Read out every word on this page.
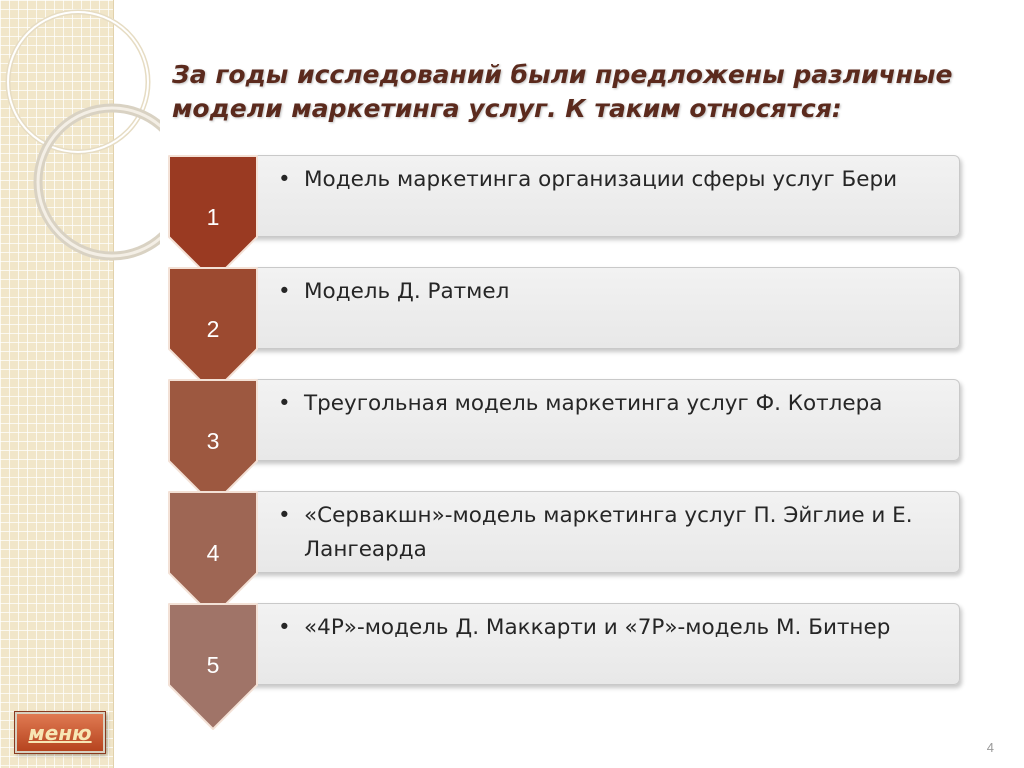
За годы исследований были предложены различные модели маркетинга услуг. К таким относятся:
• Модель маркетинга организации сферы услуг Бери
1
• Модель Д. Ратмел
2
• Треугольная модель маркетинга услуг Ф. Котлера
3
• «Сервакшн»-модель маркетинга услуг П. Эйглие и Е. Лангеарда
4
• «4Р»-модель Д. Маккарти и «7Р»-модель М. Битнер
5
меню
4
